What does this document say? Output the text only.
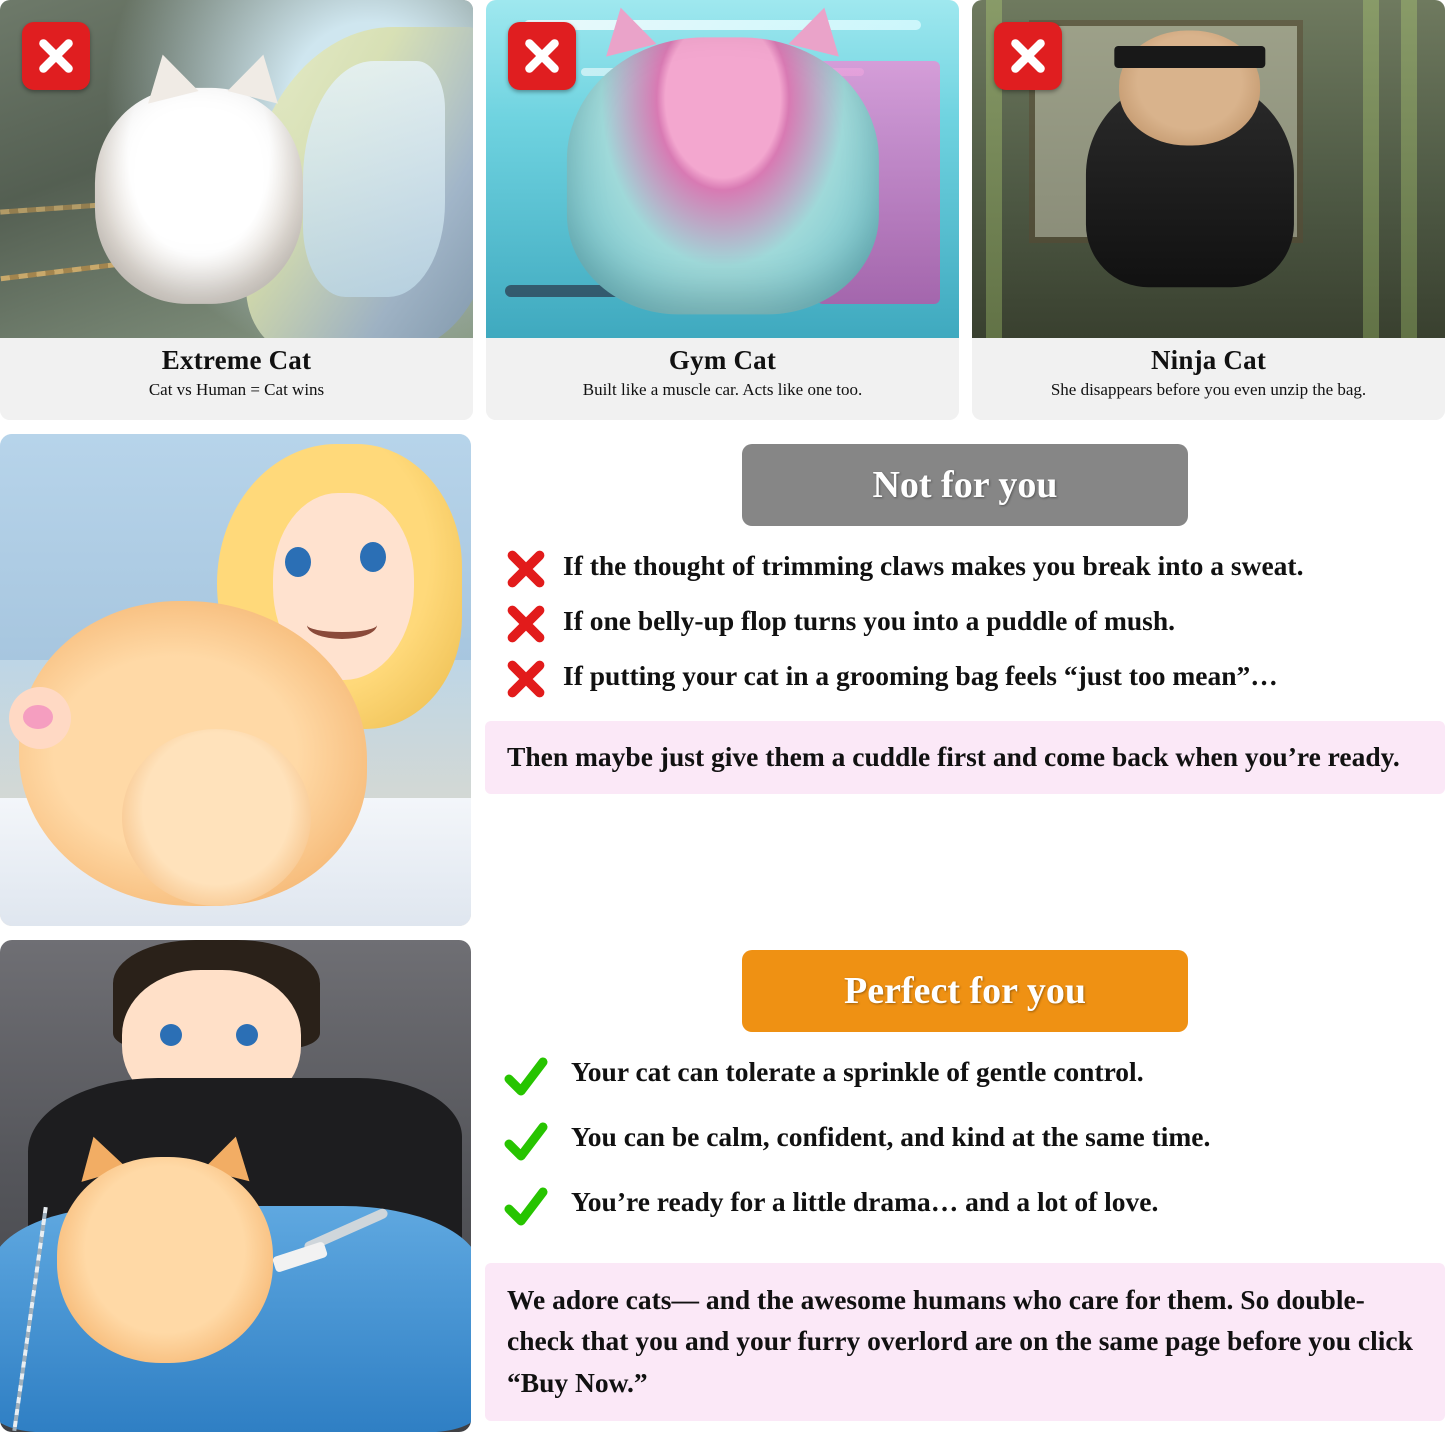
Extreme Cat
Cat vs Human = Cat wins
Gym Cat
Built like a muscle car. Acts like one too.
Ninja Cat
She disappears before you even unzip the bag.
Not for you
If the thought of trimming claws makes you break into a sweat.
If one belly-up flop turns you into a puddle of mush.
If putting your cat in a grooming bag feels “just too mean”…
Then maybe just give them a cuddle first and come back when you’re ready.
Perfect for you
Your cat can tolerate a sprinkle of gentle control.
You can be calm, confident, and kind at the same time.
You’re ready for a little drama… and a lot of love.
We adore cats— and the awesome humans who care for them. So double-check that you and your furry overlord are on the same page before you click “Buy Now.”
